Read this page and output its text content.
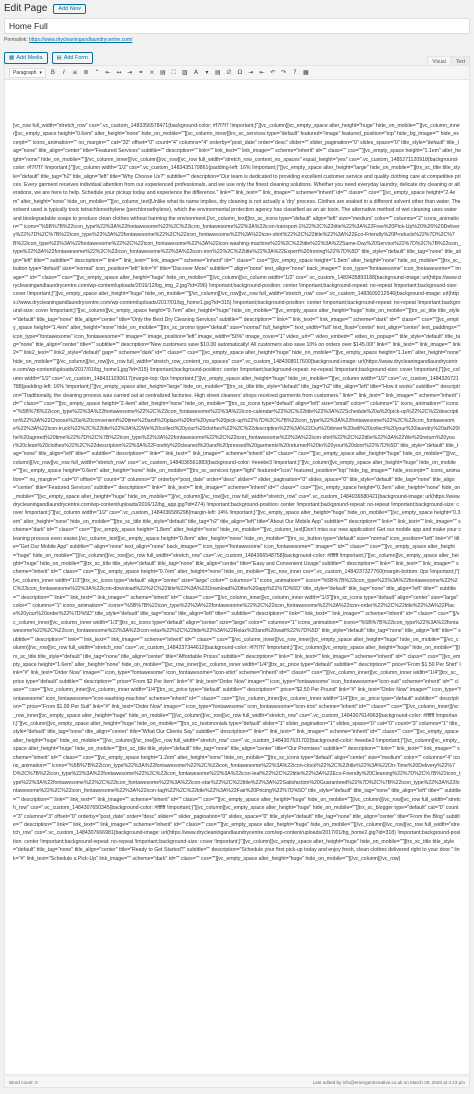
Edit Page	Add New
Home Full
Permalink: https://www.drycleaningandlaundrycentre.com/
▩ Add Media	▤ Add Form
Visual	Text
Paragraph ▾	B	I	≡ ≣	“	⇤ ↔ ⇥ ⚭ ⨯ ▤	⛶	▧	A	▾	▤ ∅ Ω ⇥ ⇤ ↶ ↷	?	▦
[vc_row full_width="stretch_row" css=".vc_custom_1483356578471{background-color: #f7f7f7 !important;}"][vc_column][vc_empty_space alter_height="huge" hide_on_mobile=""][vc_column_inner][vc_empty_space height="0.6em" alter_height="none" hide_on_mobile=""][vc_column_inner][trx_sc_services type="default" featured="image" featured_position="top" hide_bg_image="" hide_excerpt="" icons_animation="" no_margin="" cat="32" offset="0" count="4" columns="4" orderby="post_date" order="desc" slider="" slider_pagination="0" slides_space="0" title_style="default" title_tag="none" title_align="center" title="Featured Services" subtitle="" description="" link="" link_text="" link_image="" scheme="inherit" id="" class="" css=""][vc_empty_space height="1.1em" alter_height="none" hide_on_mobile=""][/vc_column_inner][/vc_column][/vc_row][vc_row full_width="stretch_row_content_no_spaces" equal_height="yes" css=".vc_custom_1485271120918{background-color: #f7f7f7 !important;}"][vc_column width="1/2" css=".vc_custom_1483435179861{padding-left: 16% !important;}"][vc_empty_space alter_height="large" hide_on_mobile=""][trx_sc_title title_style="default" title_tag="h2" title_align="left" title="Why Choose Us?" subtitle="" description="Our team is dedicated to providing excellent customer service and quality clothing care at competitive prices. Every garment receives individual attention from our experienced professionals, and we use only the finest cleaning solutions. Whether you need everyday laundry, delicate dry cleaning or alterations, we are here to help. Schedule your pickup today and experience the difference." link="" link_text="" link_image="" scheme="inherit" id="" class="" css=""][vc_empty_space height="2.4em" alter_height="none" hide_on_mobile=""][vc_column_text]Unlike what its name implies, dry cleaning is not actually a 'dry' process. Clothes are soaked in a different solvent other than water. The solvent used is typically toxic tetrachloroethylene (perchloroethylene), which the environmental protection agency has classified as an air toxin. The alternative method of wet cleaning uses water and biodegradable soaps to produce clean clothes without harming the environment.[/vc_column_text][trx_sc_icons type="default" align="left" size="medium" color="" columns="2" icons_animation="" icons="%5B%7B%22icon_type%22%3A%22fontawesome%22%2C%22icon_fontawesome%22%3A%22icon-transport-1%22%2C%22title%22%3A%22Free%20Pick-Up%20%26%20Delivery%22%7D%2C%7B%22icon_type%22%3A%22fontawesome%22%2C%22icon_fontawesome%22%3A%22icon-shirt%22%2C%22title%22%3A%22Eco-Friendly%20Products%22%7D%2C%7B%22icon_type%22%3A%22fontawesome%22%2C%22icon_fontawesome%22%3A%22icon-washing-machine%22%2C%22title%22%3A%22Same-Day%20Service%22%7D%2C%7B%22icon_type%22%3A%22fontawesome%22%2C%22icon_fontawesome%22%3A%22icon-iron%22%2C%22title%22%3A%22Expert%20Ironing%22%7D%5D" title_style="default" title_tag="none" title_align="left" title="" subtitle="" description="" link="" link_text="" link_image="" scheme="inherit" id="" class="" css=""][vc_empty_space height="1.5em" alter_height="none" hide_on_mobile=""][trx_sc_button type="default" size="normal" icon_position="left" link="#" title="Discover More" subtitle="" align="none" text_align="none" back_image="" icon_type="fontawesome" icon_fontawesome="" image="" id="" class="" css=""][vc_empty_space alter_height="huge" hide_on_mobile=""][/vc_column][vc_column width="1/2" css=".vc_custom_1483435893188{background-image: url(https://www.drycleaningandlaundrycentre.com/wp-content/uploads/2016/12/bg_img_2.jpg?id=296) !important;background-position: center !important;background-repeat: no-repeat !important;background-size: cover !important;}"][vc_empty_space alter_height="huge" hide_on_mobile=""][/vc_column][/vc_row][vc_row full_width="stretch_row" css=".vc_custom_1483609212546{background-image: url(https://www.drycleaningandlaundrycentre.com/wp-content/uploads/2017/01/bg_home1.jpg?id=315) !important;background-position: center !important;background-repeat: no-repeat !important;background-size: cover !important;}"][vc_column][vc_empty_space height="0.7em" alter_height="huge" hide_on_mobile=""][vc_empty_space alter_height="huge" hide_on_mobile=""][trx_sc_title title_style="default" title_tag="none" title_align="center" title="Only the Best Dry Cleaning Services" subtitle="" description="" link="" link_text="" link_image="" scheme="dark" id="" class="" css=""][vc_empty_space height="1.4em" alter_height="none" hide_on_mobile=""][trx_sc_promo type="default" size="normal" full_height="" text_width="full" text_float="center" text_align="center" text_paddings="" icon_type="fontawesome" icon_fontawesome="" image="" image_position="left" image_width="50%" image_cover="1" video_url="" video_embed="" video_in_popup="" title_style="default" title_tag="none" title_align="center" title="" subtitle="" description="New customers save $10.00 automatically! All customers also save 10% on orders over $145.00!" link="" link_text="" link_image="" link2="" link2_text="" link2_style="default" gap="" scheme="dark" id="" class="" css=""][vc_empty_space alter_height="huge" hide_on_mobile=""][vc_empty_space height="1.1em" alter_height="none" hide_on_mobile=""][/vc_column][/vc_row][vc_row full_width="stretch_row_content_no_spaces" css=".vc_custom_1484308017600{background-image: url(https://www.drycleaningandlaundrycentre.com/wp-content/uploads/2017/01/bg_home1.jpg?id=315) !important;background-position: center !important;background-repeat: no-repeat !important;background-size: cover !important;}"][vc_column width="1/2" css=".vc_custom_1484311030617{margin-top: 0px !important;}"][vc_empty_space alter_height="huge" hide_on_mobile=""][vc_column width="1/2" css=".vc_custom_1484326721788{padding-left: 16% !important;}"][vc_empty_space alter_height="large" hide_on_mobile=""][trx_sc_title title_style="default" title_tag="h2" title_align="left" title="How it works" subtitle="" description="Traditionally, the cleaning process was carried out at centralized factories. High street cleaners' shops received garments from customers." link="" link_text="" link_image="" scheme="inherit" id="" class="" css=""][vc_empty_space height="2.4em" alter_height="none" hide_on_mobile=""][trx_sc_icons type="default" align="left" size="small" color="" columns="1" icons_animation="" icons="%5B%7B%22icon_type%22%3A%22fontawesome%22%2C%22icon_fontawesome%22%3A%22icon-calendar%22%2C%22title%22%3A%22Schedule%20a%20pick-up%22%2C%22description%22%3A%22Choose%20a%20convenient%20time%20and%20place%20for%20your%20pick-up%22%7D%2C%7B%22icon_type%22%3A%22fontawesome%22%2C%22icon_fontawesome%22%3A%22icon-truck%22%2C%22title%22%3A%22We%20collect%20your%20clothes%22%2C%22description%22%3A%22Our%20driver%20will%20collect%20your%20laundry%20at%20the%20agreed%20time%22%7D%2C%7B%22icon_type%22%3A%22fontawesome%22%2C%22icon_fontawesome%22%3A%22icon-shirt%22%2C%22title%22%3A%22We%20return%20your%20clean%20clothes%22%2C%22description%22%3A%22Freshly%20cleaned%20and%20pressed%20garments%20returned%20to%20your%20door%22%7D%5D" title_style="default" title_tag="none" title_align="left" title="" subtitle="" description="" link="" link_text="" link_image="" scheme="inherit" id="" class="" css=""][vc_empty_space alter_height="huge" hide_on_mobile=""][/vc_column][/vc_row][vc_row full_width="stretch_row" css=".vc_custom_1484036561883{background-color: #eeebe3 !important;}"][vc_column][vc_empty_space alter_height="huge" hide_on_mobile=""][vc_empty_space height="0.6em" alter_height="none" hide_on_mobile=""][trx_sc_services type="light" featured="icon" featured_position="top" hide_bg_image="" hide_excerpt="" icons_animation="" no_margin="" cat="0" offset="0" count="3" columns="3" orderby="post_date" order="desc" slider="" slider_pagination="0" slides_space="0" title_style="default" title_tag="none" title_align="center" title="Featured Services" subtitle="" description="" link="" link_text="" link_image="" scheme="inherit" id="" class="" css=""][vc_empty_space height="0.3em" alter_height="none" hide_on_mobile=""][vc_empty_space alter_height="huge" hide_on_mobile=""][/vc_column][/vc_row][vc_row full_width="stretch_row" css=".vc_custom_1484036580421{background-image: url(https://www.drycleaningandlaundrycentre.com/wp-content/uploads/2016/12/bg_app.jpg?id=274) !important;background-position: center !important;background-repeat: no-repeat !important;background-size: cover !important;}"][vc_column width="1/2" css=".vc_custom_1484036586298{margin-left: 14% !important;}"][vc_empty_space alter_height="huge" hide_on_mobile=""][vc_empty_space height="0.3em" alter_height="none" hide_on_mobile=""][trx_sc_title title_style="default" title_tag="h2" title_align="left" title="About Our Mobile App" subtitle="" description="" link="" link_text="" link_image="" scheme="dark" id="" class="" css=""][vc_empty_space height="1.8em" alter_height="none" hide_on_mobile=""][vc_column_text]Don't miss our new application! Get our mobile app and make your cleaning process even easier.[/vc_column_text][vc_empty_space height="0.8em" alter_height="none" hide_on_mobile=""][trx_sc_button type="default" size="normal" icon_position="left" link="#" title="Get Our Mobile App" subtitle="" align="none" text_align="none" back_image="" icon_type="fontawesome" icon_fontawesome="" image="" id="" class="" css=""][vc_empty_space alter_height="huge" hide_on_mobile=""][/vc_column][/vc_row][vc_row full_width="stretch_row" css=".vc_custom_1484366548758{background-color: #ffffff !important;}"][vc_column][vc_empty_space alter_height="huge" hide_on_mobile=""][trx_sc_title title_style="default" title_tag="none" title_align="center" title="Easy and Convenient Usage" subtitle="" description="" link="" link_text="" link_image="" scheme="inherit" id="" class="" css=""][vc_empty_space height="0.7em" alter_height="none" hide_on_mobile=""][vc_row_inner css=".vc_custom_1484237327760{margin-bottom: 0px !important;}"][vc_column_inner width="1/3"][trx_sc_icons type="default" align="center" size="large" color="" columns="1" icons_animation="" icons="%5B%7B%22icon_type%22%3A%22fontawesome%22%2C%22icon_fontawesome%22%3A%22icon-download%22%2C%22title%22%3A%22Download%20the%20app%22%7D%5D" title_style="default" title_tag="none" title_align="left" title="" subtitle="" description="" link="" link_text="" link_image="" scheme="inherit" id="" class="" css=""][/vc_column_inner][vc_column_inner width="1/3"][trx_sc_icons type="default" align="center" size="large" color="" columns="1" icons_animation="" icons="%5B%7B%22icon_type%22%3A%22fontawesome%22%2C%22icon_fontawesome%22%3A%22icon-order%22%2C%22title%22%3A%22Place%20your%20order%22%7D%5D" title_style="default" title_tag="none" title_align="left" title="" subtitle="" description="" link="" link_text="" link_image="" scheme="inherit" id="" class="" css=""][/vc_column_inner][vc_column_inner width="1/3"][trx_sc_icons type="default" align="center" size="large" color="" columns="1" icons_animation="" icons="%5B%7B%22icon_type%22%3A%22fontawesome%22%2C%22icon_fontawesome%22%3A%22icon-relax%22%2C%22title%22%3A%22Relax%20and%20wait%22%7D%5D" title_style="default" title_tag="none" title_align="left" title="" subtitle="" description="" link="" link_text="" link_image="" scheme="inherit" id="" class="" css=""][/vc_column_inner][/vc_row_inner][vc_empty_space alter_height="huge" hide_on_mobile=""][/vc_column][/vc_row][vc_row full_width="stretch_row" css=".vc_custom_1484237344612{background-color: #f7f7f7 !important;}"][vc_column][vc_empty_space alter_height="huge" hide_on_mobile=""][trx_sc_title title_style="default" title_tag="none" title_align="center" title="Affordable Prices" subtitle="" description="" link="" link_text="" link_image="" scheme="inherit" id="" class="" css=""][vc_empty_space height="1.6em" alter_height="none" hide_on_mobile=""][vc_row_inner][vc_column_inner width="1/4"][trx_sc_price type="default" subtitle="" description="" price="From $1.50 Per Shirt" link="#" link_text="Order Now" image="" icon_type="fontawesome" icon_fontawesome="icon-shirt" scheme="inherit" id="" class="" css=""][/vc_column_inner][vc_column_inner width="1/4"][trx_sc_price type="default" subtitle="" description="" price="From $2 Per Item" link="#" link_text="Order Now" image="" icon_type="fontawesome" icon_fontawesome="icon-suit" scheme="inherit" id="" class="" css=""][/vc_column_inner][vc_column_inner width="1/4"][trx_sc_price type="default" subtitle="" description="" price="$2.50 Per Pound" link="#" link_text="Order Now" image="" icon_type="fontawesome" icon_fontawesome="icon-washing-machine" scheme="inherit" id="" class="" css=""][/vc_column_inner][vc_column_inner width="1/4"][trx_sc_price type="default" subtitle="" description="" price="From $1.99 Per Suit" link="#" link_text="Order Now" image="" icon_type="fontawesome" icon_fontawesome="icon-iron" scheme="inherit" id="" class="" css=""][/vc_column_inner][/vc_row_inner][vc_empty_space alter_height="huge" hide_on_mobile=""][/vc_column][/vc_row][vc_row full_width="stretch_row" css=".vc_custom_1484307614963{background-color: #ffffff !important;}"][vc_column][vc_empty_space alter_height="huge" hide_on_mobile=""][trx_sc_testimonials type="default" slider="1" slider_pagination="1" slides_space="0" cat="0" count="3" columns="1" title_style="default" title_tag="none" title_align="center" title="What Our Clients Say" subtitle="" description="" link="" link_text="" link_image="" scheme="inherit" id="" class="" css=""][vc_empty_space alter_height="huge" hide_on_mobile=""][/vc_column][/vc_row][vc_row full_width="stretch_row" css=".vc_custom_1484307631702{background-color: #eeebe3 !important;}"][vc_column][vc_empty_space alter_height="huge" hide_on_mobile=""][trx_sc_title title_style="default" title_tag="none" title_align="center" title="Our Promises" subtitle="" description="" link="" link_text="" link_image="" scheme="inherit" id="" class="" css=""][vc_empty_space height="1.2em" alter_height="none" hide_on_mobile=""][trx_sc_icons type="default" align="center" size="medium" color="" columns="4" icons_animation="" icons="%5B%7B%22icon_type%22%3A%22fontawesome%22%2C%22icon_fontawesome%22%3A%22icon-clock%22%2C%22title%22%3A%22On-Time%20Delivery%22%7D%2C%7B%22icon_type%22%3A%22fontawesome%22%2C%22icon_fontawesome%22%3A%22icon-leaf%22%2C%22title%22%3A%22Eco-Friendly%20Cleaning%22%7D%2C%7B%22icon_type%22%3A%22fontawesome%22%2C%22icon_fontawesome%22%3A%22icon-star%22%2C%22title%22%3A%22Satisfaction%20Guaranteed%22%7D%2C%7B%22icon_type%22%3A%22fontawesome%22%2C%22icon_fontawesome%22%3A%22icon-tag%22%2C%22title%22%3A%22Fair%20Pricing%22%7D%5D" title_style="default" title_tag="none" title_align="left" title="" subtitle="" description="" link="" link_text="" link_image="" scheme="inherit" id="" class="" css=""][vc_empty_space alter_height="huge" hide_on_mobile=""][/vc_column][/vc_row][vc_row full_width="stretch_row" css=".vc_custom_1484307650345{background-color: #ffffff !important;}"][vc_column][vc_empty_space alter_height="huge" hide_on_mobile=""][trx_sc_blogger type="default" cat="0" count="3" columns="3" offset="0" orderby="post_date" order="desc" slider="" slider_pagination="0" slides_space="0" title_style="default" title_tag="none" title_align="center" title="From the Blog" subtitle="" description="" link="" link_text="" link_image="" scheme="inherit" id="" class="" css=""][vc_empty_space alter_height="huge" hide_on_mobile=""][/vc_column][/vc_row][vc_row full_width="stretch_row" css=".vc_custom_1484307666981{background-image: url(https://www.drycleaningandlaundrycentre.com/wp-content/uploads/2017/01/bg_home2.jpg?id=318) !important;background-position: center !important;background-repeat: no-repeat !important;background-size: cover !important;}"][vc_column][vc_empty_space alter_height="huge" hide_on_mobile=""][trx_sc_title title_style="default" title_tag="none" title_align="center" title="Ready to Get Started?" subtitle="" description="Schedule your first pick-up today and enjoy fresh, clean clothes delivered right to your door." link="#" link_text="Schedule a Pick-Up" link_image="" scheme="dark" id="" class="" css=""][vc_empty_space alter_height="huge" hide_on_mobile=""][/vc_column][/vc_row]
Word count: 0	Last edited by info@emergentcreative.co.uk on March 30, 2020 at 4:13 pm
